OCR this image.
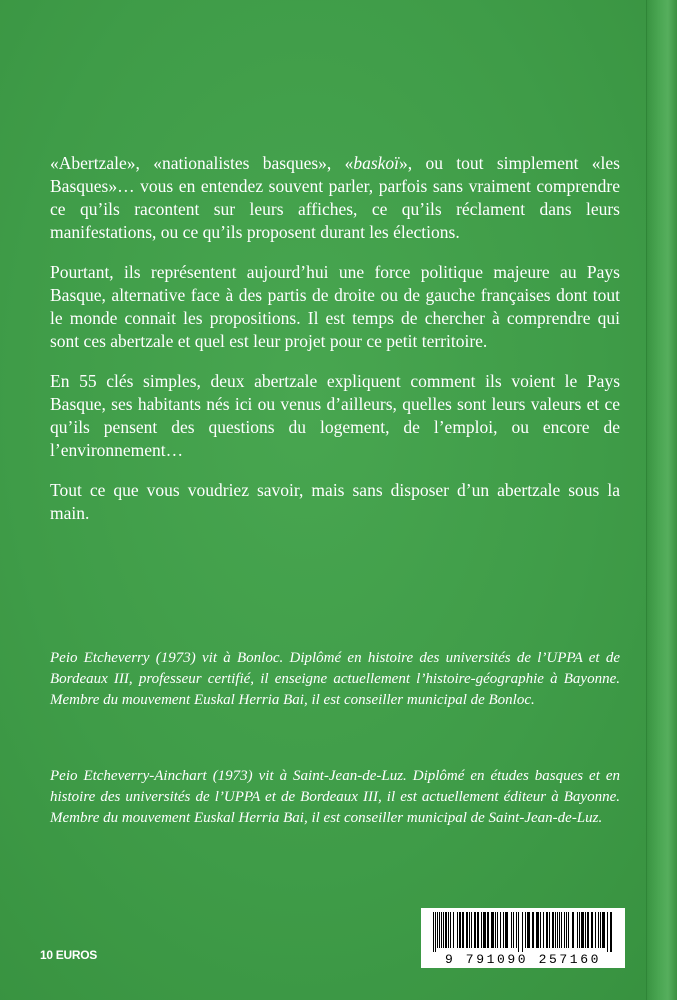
«Abertzale», «nationalistes basques», «baskoï», ou tout simplement «les Basques»… vous en entendez souvent parler, parfois sans vraiment comprendre ce qu’ils racontent sur leurs affiches, ce qu’ils réclament dans leurs manifestations, ou ce qu’ils proposent durant les élections.

Pourtant, ils représentent aujourd’hui une force politique majeure au Pays Basque, alternative face à des partis de droite ou de gauche françaises dont tout le monde connait les propositions. Il est temps de chercher à comprendre qui sont ces abertzale et quel est leur projet pour ce petit territoire.

En 55 clés simples, deux abertzale expliquent comment ils voient le Pays Basque, ses habitants nés ici ou venus d’ailleurs, quelles sont leurs valeurs et ce qu’ils pensent des questions du logement, de l’emploi, ou encore de l’environnement…

Tout ce que vous voudriez savoir, mais sans disposer d’un abertzale sous la main.

Peio Etcheverry (1973) vit à Bonloc. Diplômé en histoire des universités de l’UPPA et de Bordeaux III, professeur certifié, il enseigne actuellement l’histoire-géographie à Bayonne. Membre du mouvement Euskal Herria Bai, il est conseiller municipal de Bonloc.

Peio Etcheverry-Ainchart (1973) vit à Saint-Jean-de-Luz. Diplômé en études basques et en histoire des universités de l’UPPA et de Bordeaux III, il est actuellement éditeur à Bayonne. Membre du mouvement Euskal Herria Bai, il est conseiller municipal de Saint-Jean-de-Luz.

10 EUROS	9 791090 257160
